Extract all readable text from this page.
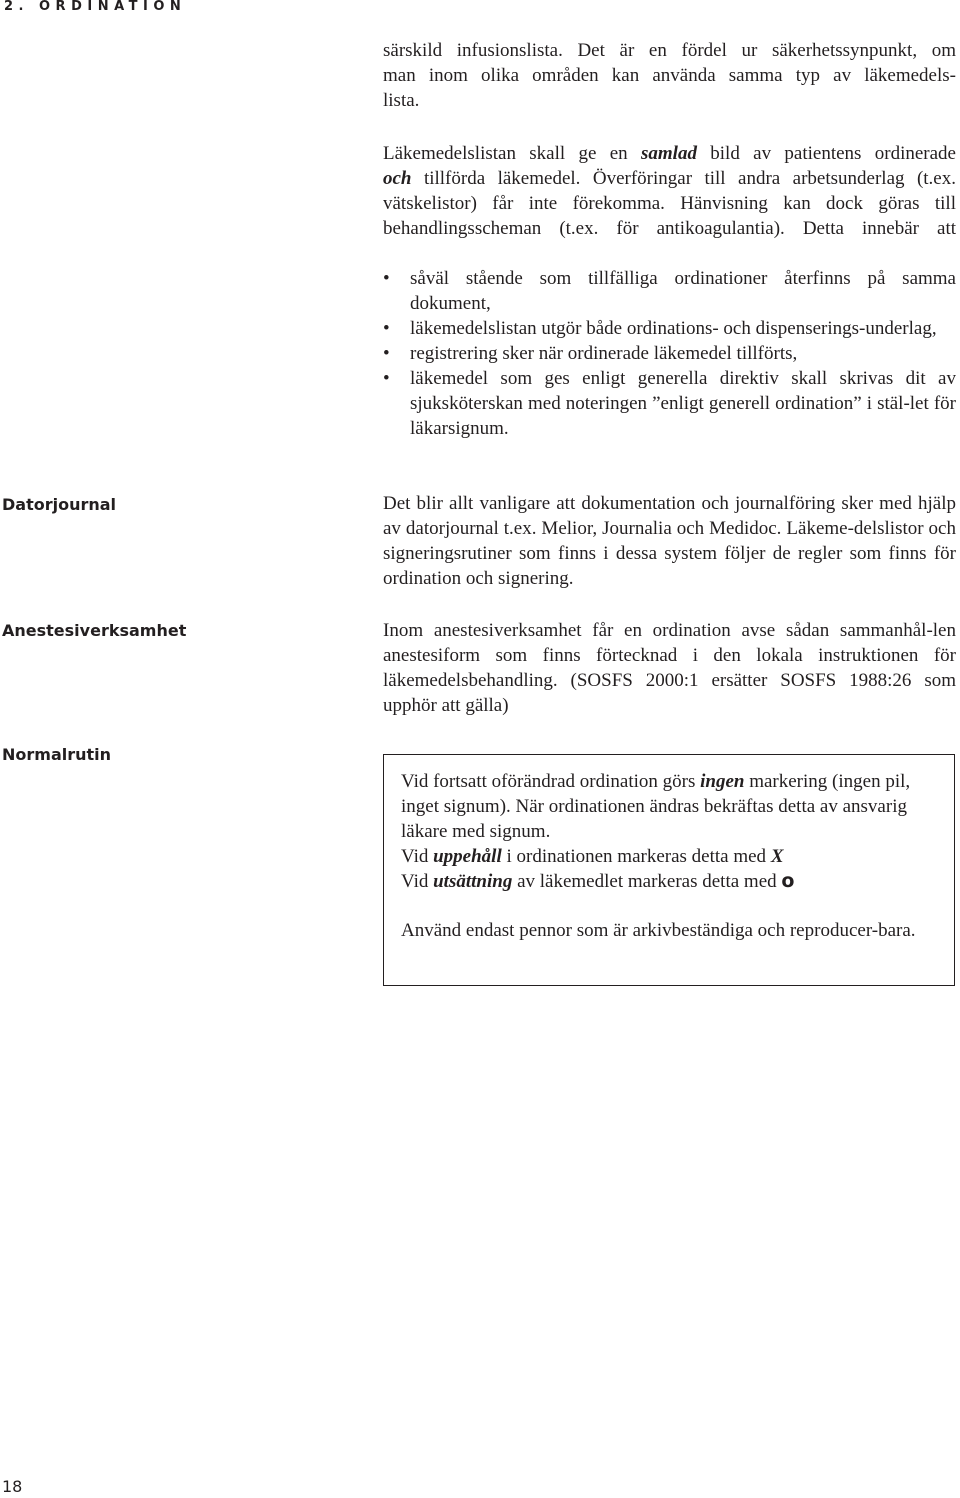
2. ORDINATION
särskild infusionslista. Det är en fördel ur säkerhetssynpunkt, om
man inom olika områden kan använda samma typ av läkemedels-
lista.
Läkemedelslistan skall ge en samlad bild av patientens ordinerade
och tillförda läkemedel. Överföringar till andra arbetsunderlag (t.ex.
vätskelistor) får inte förekomma. Hänvisning kan dock göras till
behandlingsscheman (t.ex. för antikoagulantia). Detta innebär att
• såväl stående som tillfälliga ordinationer återfinns på samma dokument,
• läkemedelslistan utgör både ordinations- och dispenserings-underlag,
• registrering sker när ordinerade läkemedel tillförts,
• läkemedel som ges enligt generella direktiv skall skrivas dit av sjuksköterskan med noteringen ”enligt generell ordination” i stäl-let för läkarsignum.
Datorjournal	Det blir allt vanligare att dokumentation och journalföring sker med hjälp av datorjournal t.ex. Melior, Journalia och Medidoc. Läkeme-delslistor och signeringsrutiner som finns i dessa system följer de regler som finns för ordination och signering.
Anestesiverksamhet	Inom anestesiverksamhet får en ordination avse sådan sammanhål-len anestesiform som finns förtecknad i den lokala instruktionen för läkemedelsbehandling. (SOSFS 2000:1 ersätter SOSFS 1988:26 som upphör att gälla)
Normalrutin

Vid fortsatt oförändrad ordination görs ingen markering (ingen pil, inget signum). När ordinationen ändras bekräftas detta av ansvarig läkare med signum.

Vid uppehåll i ordinationen markeras detta med X

Vid utsättning av läkemedlet markeras detta med o

Använd endast pennor som är arkivbeständiga och reproducer-bara.

18
